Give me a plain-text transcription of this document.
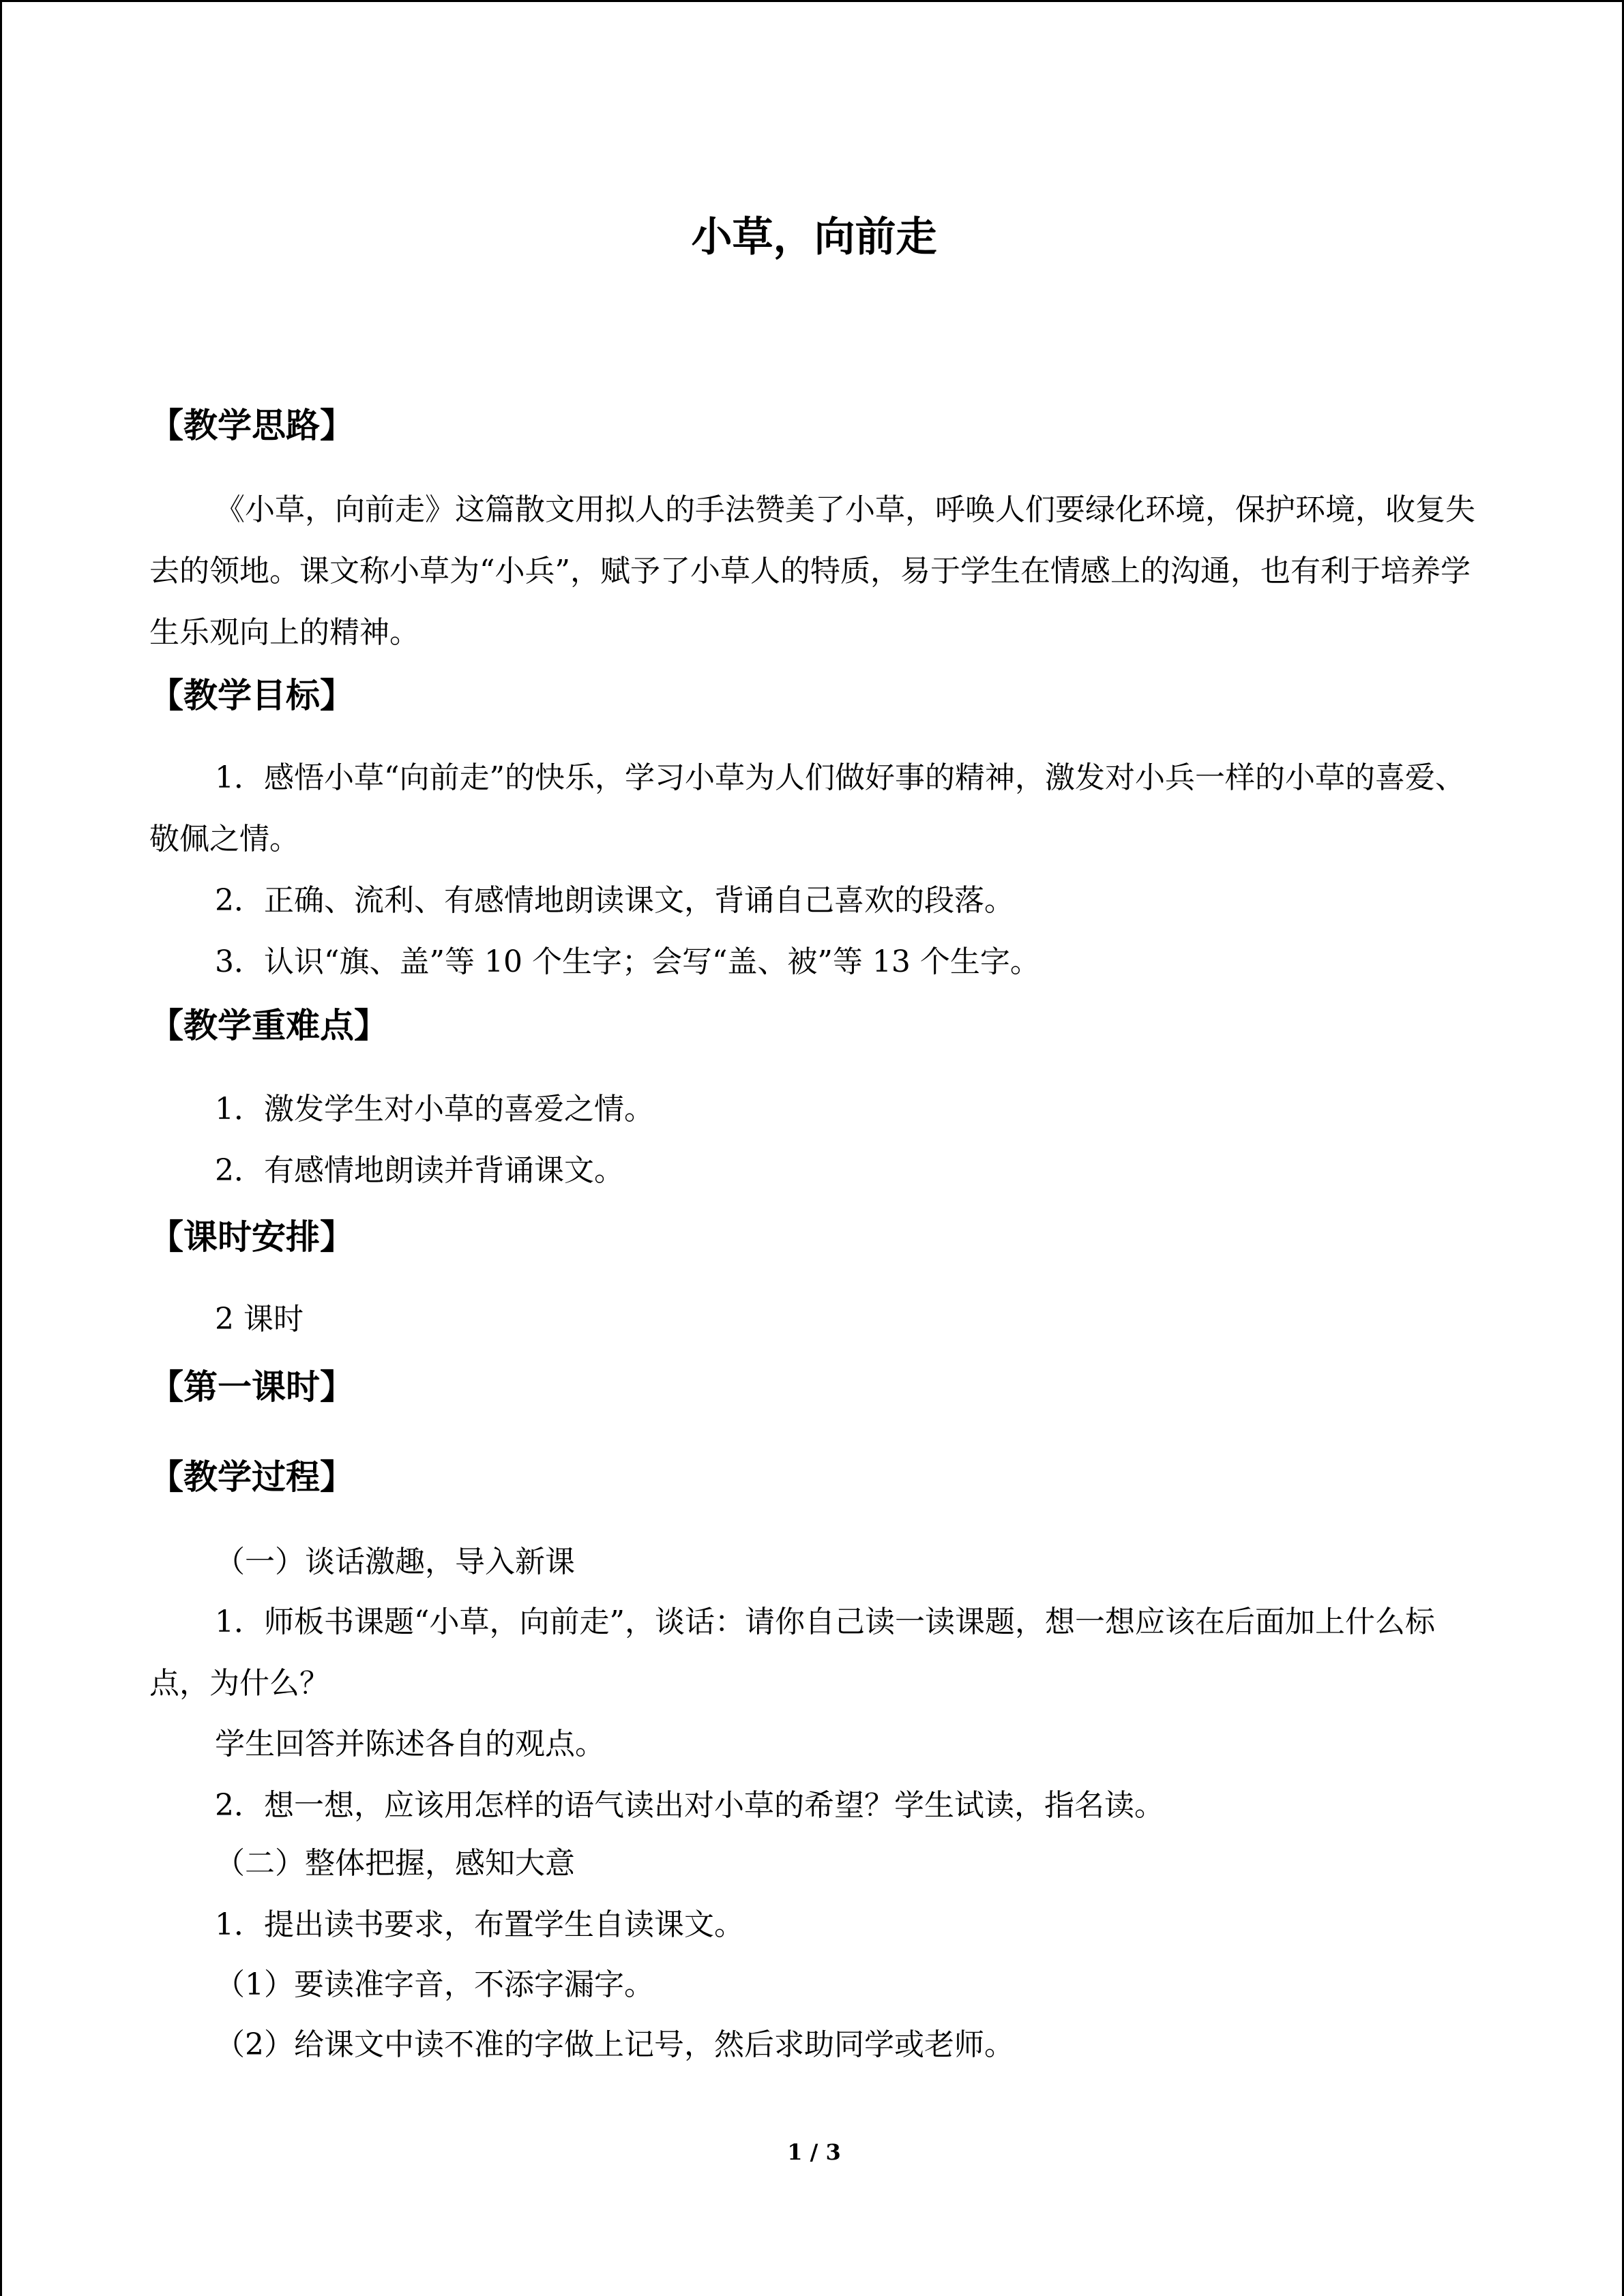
小草，向前走
【教学思路】

《小草，向前走》这篇散文用拟人的手法赞美了小草，呼唤人们要绿化环境，保护环境，收复失去的领地。课文称小草为“小兵”，赋予了小草人的特质，易于学生在情感上的沟通，也有利于培养学生乐观向上的精神。

【教学目标】
1．感悟小草“向前走”的快乐，学习小草为人们做好事的精神，激发对小兵一样的小草的喜爱、敬佩之情。
2．正确、流利、有感情地朗读课文，背诵自己喜欢的段落。
3．认识“旗、盖”等 10 个生字；会写“盖、被”等 13 个生字。
【教学重难点】
1．激发学生对小草的喜爱之情。
2．有感情地朗读并背诵课文。
【课时安排】
2 课时
【第一课时】
【教学过程】
（一）谈话激趣，导入新课
1．师板书课题“小草，向前走”，谈话：请你自己读一读课题，想一想应该在后面加上什么标点，为什么？
学生回答并陈述各自的观点。
2．想一想，应该用怎样的语气读出对小草的希望？学生试读，指名读。
（二）整体把握，感知大意
1．提出读书要求，布置学生自读课文。
（1）要读准字音，不添字漏字。
（2）给课文中读不准的字做上记号，然后求助同学或老师。
1 / 3
